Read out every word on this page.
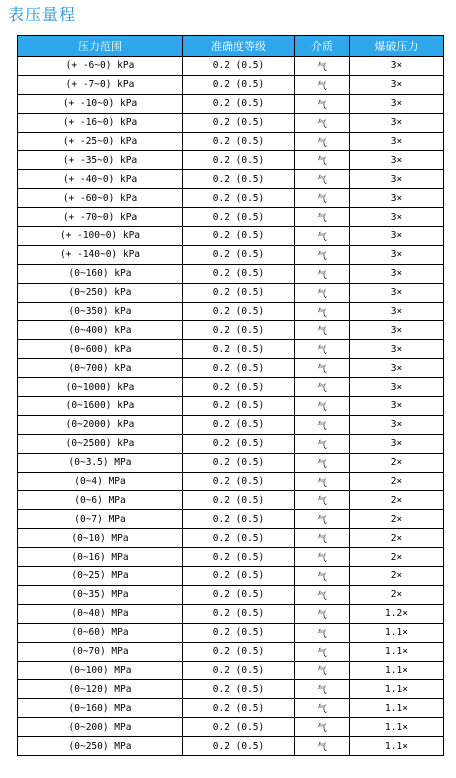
表压量程
压力范围	准确度等级	介质	爆破压力
(+ -6~0) kPa	0.2 (0.5)	气	3×
(+ -7~0) kPa	0.2 (0.5)	气	3×
(+ -10~0) kPa	0.2 (0.5)	气	3×
(+ -16~0) kPa	0.2 (0.5)	气	3×
(+ -25~0) kPa	0.2 (0.5)	气	3×
(+ -35~0) kPa	0.2 (0.5)	气	3×
(+ -40~0) kPa	0.2 (0.5)	气	3×
(+ -60~0) kPa	0.2 (0.5)	气	3×
(+ -70~0) kPa	0.2 (0.5)	气	3×
(+ -100~0) kPa	0.2 (0.5)	气	3×
(+ -140~0) kPa	0.2 (0.5)	气	3×
(0~160) kPa	0.2 (0.5)	气	3×
(0~250) kPa	0.2 (0.5)	气	3×
(0~350) kPa	0.2 (0.5)	气	3×
(0~400) kPa	0.2 (0.5)	气	3×
(0~600) kPa	0.2 (0.5)	气	3×
(0~700) kPa	0.2 (0.5)	气	3×
(0~1000) kPa	0.2 (0.5)	气	3×
(0~1600) kPa	0.2 (0.5)	气	3×
(0~2000) kPa	0.2 (0.5)	气	3×
(0~2500) kPa	0.2 (0.5)	气	3×
(0~3.5) MPa	0.2 (0.5)	气	2×
(0~4) MPa	0.2 (0.5)	气	2×
(0~6) MPa	0.2 (0.5)	气	2×
(0~7) MPa	0.2 (0.5)	气	2×
(0~10) MPa	0.2 (0.5)	气	2×
(0~16) MPa	0.2 (0.5)	气	2×
(0~25) MPa	0.2 (0.5)	气	2×
(0~35) MPa	0.2 (0.5)	气	2×
(0~40) MPa	0.2 (0.5)	气	1.2×
(0~60) MPa	0.2 (0.5)	气	1.1×
(0~70) MPa	0.2 (0.5)	气	1.1×
(0~100) MPa	0.2 (0.5)	气	1.1×
(0~120) MPa	0.2 (0.5)	气	1.1×
(0~160) MPa	0.2 (0.5)	气	1.1×
(0~200) MPa	0.2 (0.5)	气	1.1×
(0~250) MPa	0.2 (0.5)	气	1.1×
